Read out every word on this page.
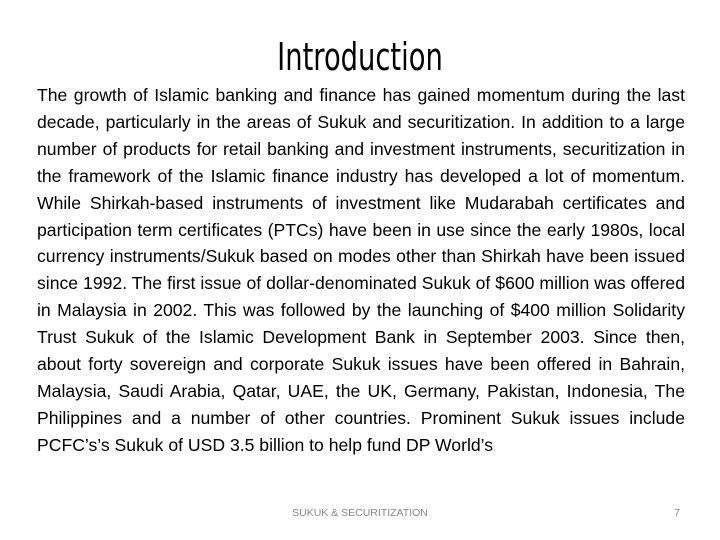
Introduction

The growth of Islamic banking and finance has gained momentum during the last decade, particularly in the areas of Sukuk and securitization. In addition to a large number of products for retail banking and investment instruments, securitization in the framework of the Islamic finance industry has developed a lot of momentum. While Shirkah-based instruments of investment like Mudarabah certificates and participation term certificates (PTCs) have been in use since the early 1980s, local currency instruments/Sukuk based on modes other than Shirkah have been issued since 1992. The first issue of dollar-denominated Sukuk of $600 million was offered in Malaysia in 2002. This was followed by the launching of $400 million Solidarity Trust Sukuk of the Islamic Development Bank in September 2003. Since then, about forty sovereign and corporate Sukuk issues have been offered in Bahrain, Malaysia, Saudi Arabia, Qatar, UAE, the UK, Germany, Pakistan, Indonesia, The Philippines and a number of other countries. Prominent Sukuk issues include PCFC’s’s Sukuk of USD 3.5 billion to help fund DP World’s

SUKUK & SECURITIZATION	7
